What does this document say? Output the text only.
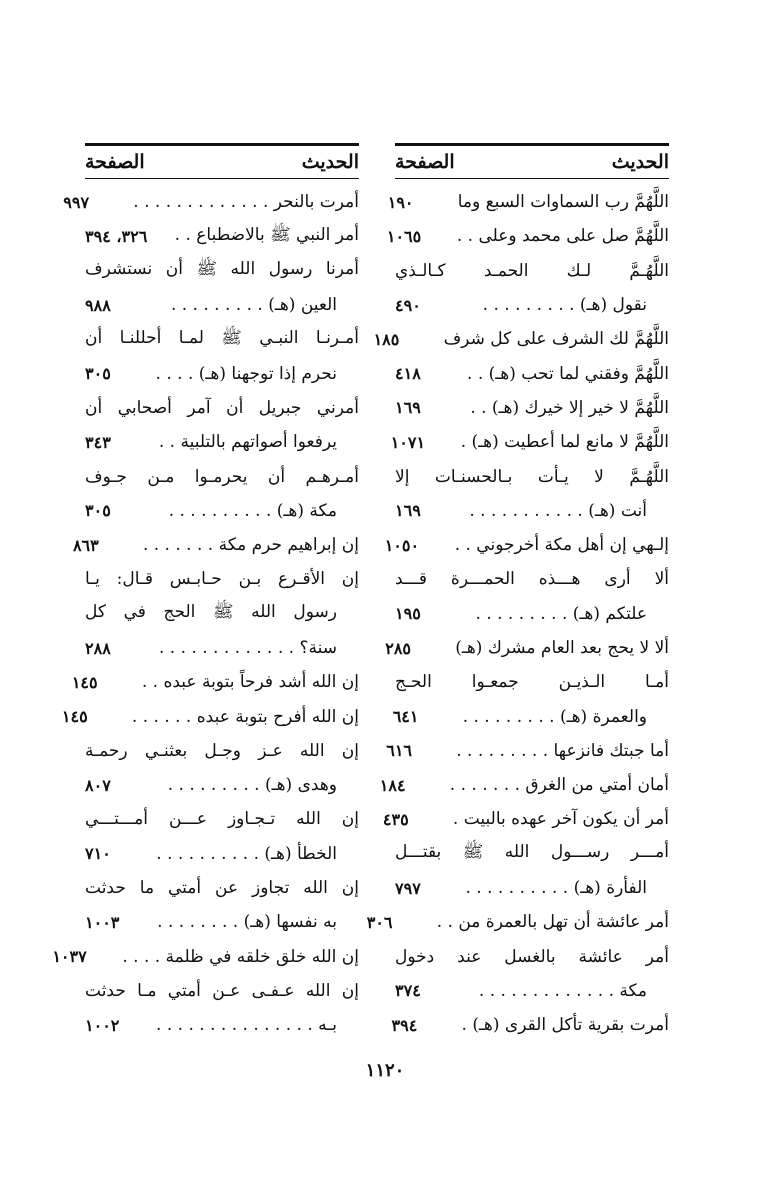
الحديث
الصفحة
اللَّهُمَّ رب السماوات السبع وما
١٩٠
اللَّهُمَّ صل على محمد وعلى . .
١٠٦٥
اللَّهُـمَّ لـك الحمـد كـالـذي
نقول (هـ) . . . . . . . . .
٤٩٠
اللَّهُمَّ لك الشرف على كل شرف
١٨٥
اللَّهُمَّ وفقني لما تحب (هـ) . .
٤١٨
اللَّهُمَّ لا خير إلا خيرك (هـ) . .
١٦٩
اللَّهُمَّ لا مانع لما أعطيت (هـ) .
١٠٧١
اللَّهُـمَّ لا يـأت بـالحسنـات إلا
أنت (هـ) . . . . . . . . . . .
١٦٩
إلـهي إن أهل مكة أخرجوني . .
١٠٥٠
ألا أرى هـــذه الحمـــرة قـــد
علتكم (هـ) . . . . . . . . .
١٩٥
ألا لا يحج بعد العام مشرك (هـ)
٢٨٥
أمـا الـذيـن جمعـوا الحـج
والعمرة (هـ) . . . . . . . . .
٦٤١
أما جبتك فانزعها . . . . . . . . .
٦١٦
أمان أمتي من الغرق . . . . . . .
١٨٤
أمر أن يكون آخر عهده بالبيت .
٤٣٥
أمـــر رســـول الله ﷺ بقتـــل
الفأرة (هـ) . . . . . . . . . .
٧٩٧
أمر عائشة أن تهل بالعمرة من . .
٣٠٦
أمر عائشة بالغسل عند دخول
مكة . . . . . . . . . . . . .
٣٧٤
أمرت بقرية تأكل القرى (هـ) .
٣٩٤
الحديث
الصفحة
أمرت بالنحر . . . . . . . . . . . . .
٩٩٧
أمر النبي ﷺ بالاضطباع . .
٣٢٦، ٣٩٤
أمرنا رسول الله ﷺ أن نستشرف
العين (هـ) . . . . . . . . .
٩٨٨
أمـرنـا النبـي ﷺ لمـا أحللنـا أن
نحرم إذا توجهنا (هـ) . . . .
٣٠٥
أمرني جبريل أن آمر أصحابي أن
يرفعوا أصواتهم بالتلبية . .
٣٤٣
أمـرهـم أن يحرمـوا مـن جـوف
مكة (هـ) . . . . . . . . . .
٣٠٥
إن إبراهيم حرم مكة . . . . . . .
٨٦٣
إن الأقـرع بـن حـابـس قـال: يـا
رسول الله ﷺ الحج في كل
سنة؟ . . . . . . . . . . . . .
٢٨٨
إن الله أشد فرحاً بتوبة عبده . .
١٤٥
إن الله أفرح بتوبة عبده . . . . . .
١٤٥
إن الله عـز وجـل بعثنـي رحمـة
وهدى (هـ) . . . . . . . . .
٨٠٧
إن الله تـجـاوز عـــن أمـــتـــي
الخطأ (هـ) . . . . . . . . . .
٧١٠
إن الله تجاوز عن أمتي ما حدثت
به نفسها (هـ) . . . . . . . .
١٠٠٣
إن الله خلق خلقه في ظلمة . . . .
١٠٣٧
إن الله عـفـى عـن أمتي مـا حدثت
بـه . . . . . . . . . . . . . . .
١٠٠٢
١١٢٠
